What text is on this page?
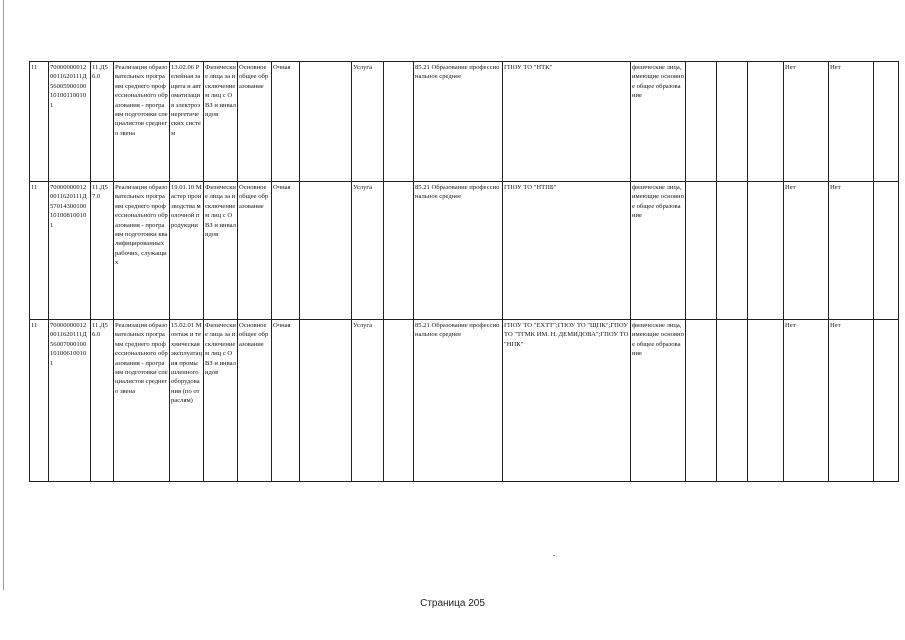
11	700000000120011620111Д56005900100101001100101	11.Д56.0	Реализация образовательных программ среднего профессионального образования - программ подготовки специалистов среднего звена	13.02.06 Релейная защита и автоматизация электроэнергетических систем	Физические лица за исключением лиц с ОВЗ и инвалидов	Основное общее образование	Очная		Услуга		85.21 Образование профессиональное среднее	ГПОУ ТО "НТК"	физические лица, имеющие основное общее образование				Нет	Нет	
11	700000000120011620111Д57014300100101008100101	11.Д57.0	Реализация образовательных программ среднего профессионального образования - программ подготовки квалифицированных рабочих, служащих	19.01.10 Мастер производства молочной продукции	Физические лица за исключением лиц с ОВЗ и инвалидов	Основное общее образование	Очная		Услуга		85.21 Образование профессиональное среднее	ГПОУ ТО "НТПБ"	физические лица, имеющие основное общее образование				Нет	Нет	
11	700000000120011620111Д56007000100101006100101	11.Д56.0	Реализация образовательных программ среднего профессионального образования - программ подготовки специалистов среднего звена	15.02.01 Монтаж и техническая эксплуатация промышленного оборудования (по отраслям)	Физические лица за исключением лиц с ОВЗ и инвалидов	Основное общее образование	Очная		Услуга		85.21 Образование профессиональное среднее	ГПОУ ТО "ЕХТТ";ГПОУ ТО "ЩПК";ГПОУ ТО "ТГМК ИМ. Н. ДЕМИДОВА";ГПОУ ТО "НПК"	физические лица, имеющие основное общее образование				Нет	Нет	
Страница 205
